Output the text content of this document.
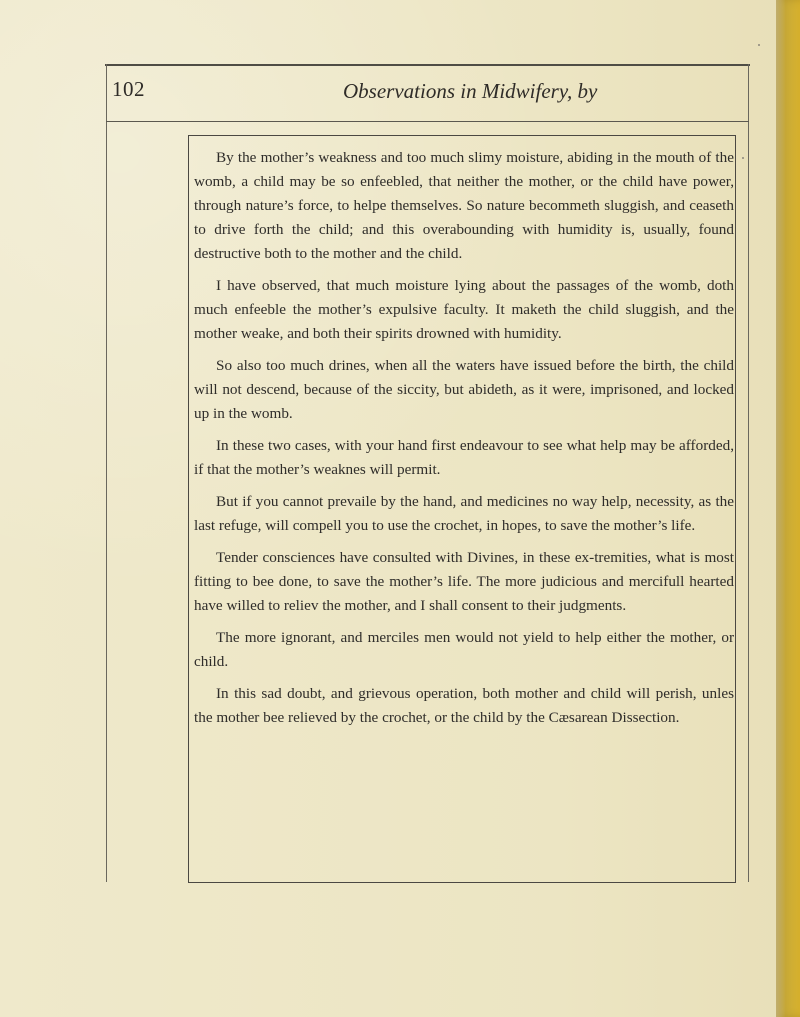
102	Observations in Midwifery, by

By the mother’s weakness and too much slimy moisture, abiding in the mouth of the womb, a child may be so enfeebled, that neither the mother, or the child have power, through nature’s force, to helpe themselves. So nature becommeth sluggish, and ceaseth to drive forth the child; and this overabounding with humidity is, usually, found destructive both to the mother and the child.

I have observed, that much moisture lying about the passages of the womb, doth much enfeeble the mother’s expulsive faculty. It maketh the child sluggish, and the mother weake, and both their spirits drowned with humidity.

So also too much drines, when all the waters have issued before the birth, the child will not descend, because of the siccity, but abideth, as it were, imprisoned, and locked up in the womb.

In these two cases, with your hand first endeavour to see what help may be afforded, if that the mother’s weaknes will permit.

But if you cannot prevaile by the hand, and medicines no way help, necessity, as the last refuge, will compell you to use the crochet, in hopes, to save the mother’s life.

Tender consciences have consulted with Divines, in these ex-tremities, what is most fitting to bee done, to save the mother’s life. The more judicious and mercifull hearted have willed to reliev the mother, and I shall consent to their judgments.

The more ignorant, and merciles men would not yield to help either the mother, or child.

In this sad doubt, and grievous operation, both mother and child will perish, unles the mother bee relieved by the crochet, or the child by the Cæsarean Dissection.
